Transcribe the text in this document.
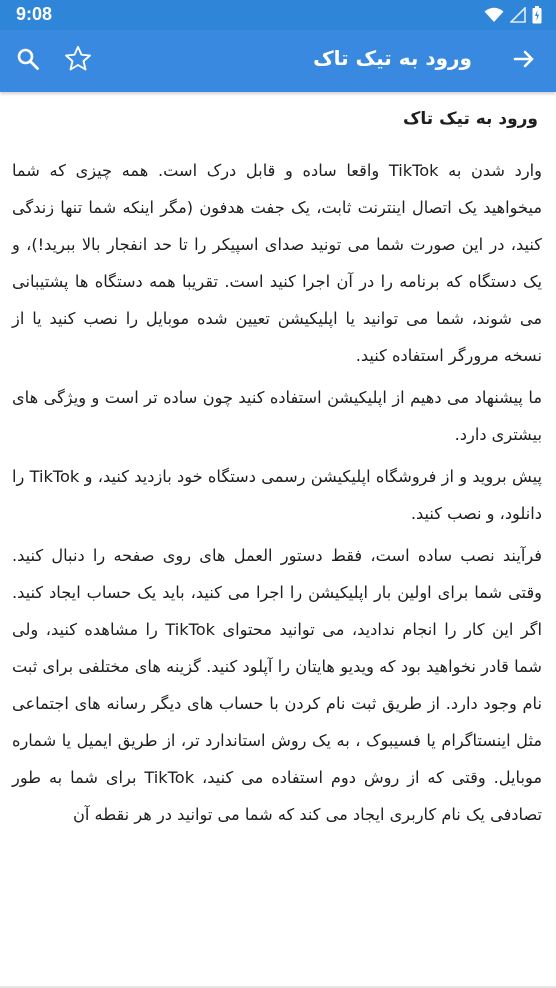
9:08
ورود به تیک تاک
ورود به تیک تاک

وارد شدن به TikTok واقعا ساده و قابل درک است. همه چیزی که شما میخواهید یک اتصال اینترنت ثابت، یک جفت هدفون (مگر اینکه شما تنها زندگی کنید، در این صورت شما می تونید صدای اسپیکر را تا حد انفجار بالا ببرید!)، و یک دستگاه که برنامه را در آن اجرا کنید است. تقریبا همه دستگاه ها پشتیبانی می شوند، شما می توانید یا اپلیکیشن تعیین شده موبایل را نصب کنید یا از نسخه مرورگر استفاده کنید.

ما پیشنهاد می دهیم از اپلیکیشن استفاده کنید چون ساده تر است و ویژگی های بیشتری دارد.

پیش بروید و از فروشگاه اپلیکیشن رسمی دستگاه خود بازدید کنید، و TikTok را دانلود، و نصب کنید.

فرآیند نصب ساده است، فقط دستور العمل های روی صفحه را دنبال کنید. وقتی شما برای اولین بار اپلیکیشن را اجرا می کنید، باید یک حساب ایجاد کنید. اگر این کار را انجام ندادید، می توانید محتوای TikTok را مشاهده کنید، ولی شما قادر نخواهید بود که ویدیو هایتان را آپلود کنید. گزینه های مختلفی برای ثبت نام وجود دارد. از طریق ثبت نام کردن با حساب های دیگر رسانه های اجتماعی مثل اینستاگرام یا فسیبوک ، به یک روش استاندارد تر، از طریق ایمیل یا شماره موبایل. وقتی که از روش دوم استفاده می کنید، TikTok برای شما به طور تصادفی یک نام کاربری ایجاد می کند که شما می توانید در هر نقطه آن
